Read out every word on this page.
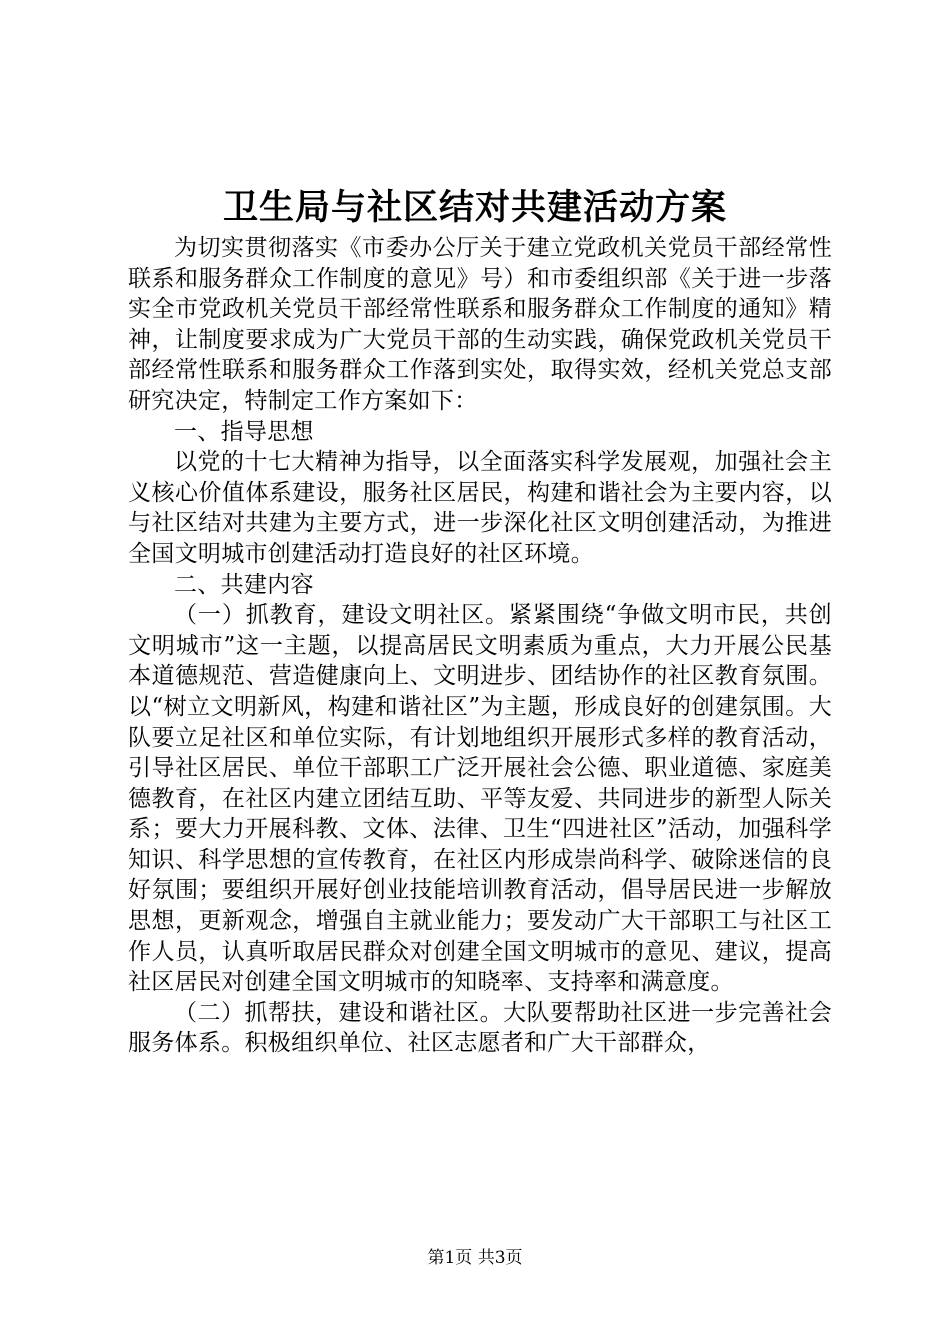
卫生局与社区结对共建活动方案

为切实贯彻落实《市委办公厅关于建立党政机关党员干部经常性联系和服务群众工作制度的意见》号）和市委组织部《关于进一步落实全市党政机关党员干部经常性联系和服务群众工作制度的通知》精神，让制度要求成为广大党员干部的生动实践，确保党政机关党员干部经常性联系和服务群众工作落到实处，取得实效，经机关党总支部研究决定，特制定工作方案如下：

一、指导思想

以党的十七大精神为指导，以全面落实科学发展观，加强社会主义核心价值体系建设，服务社区居民，构建和谐社会为主要内容，以与社区结对共建为主要方式，进一步深化社区文明创建活动，为推进全国文明城市创建活动打造良好的社区环境。

二、共建内容

（一）抓教育，建设文明社区。紧紧围绕“争做文明市民，共创文明城市”这一主题，以提高居民文明素质为重点，大力开展公民基本道德规范、营造健康向上、文明进步、团结协作的社区教育氛围。以“树立文明新风，构建和谐社区”为主题，形成良好的创建氛围。大队要立足社区和单位实际，有计划地组织开展形式多样的教育活动，引导社区居民、单位干部职工广泛开展社会公德、职业道德、家庭美德教育，在社区内建立团结互助、平等友爱、共同进步的新型人际关系；要大力开展科教、文体、法律、卫生“四进社区”活动，加强科学知识、科学思想的宣传教育，在社区内形成崇尚科学、破除迷信的良好氛围；要组织开展好创业技能培训教育活动，倡导居民进一步解放思想，更新观念，增强自主就业能力；要发动广大干部职工与社区工作人员，认真听取居民群众对创建全国文明城市的意见、建议，提高社区居民对创建全国文明城市的知晓率、支持率和满意度。

（二）抓帮扶，建设和谐社区。大队要帮助社区进一步完善社会服务体系。积极组织单位、社区志愿者和广大干部群众，

第1页 共3页
